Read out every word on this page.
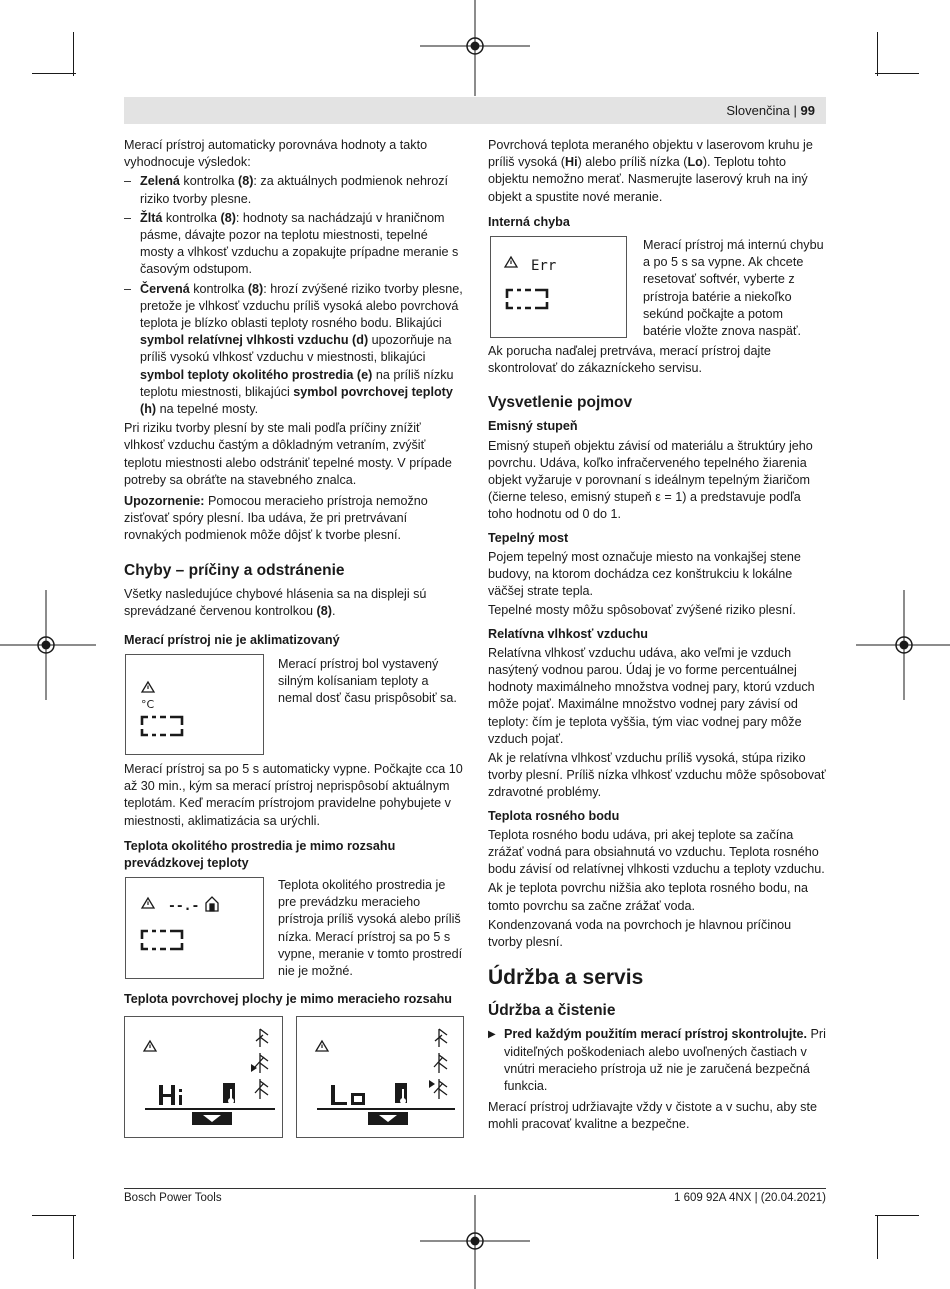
Slovenčina | 99

Merací prístroj automaticky porovnáva hodnoty a takto vyhodnocuje výsledok:

– Zelená kontrolka (8): za aktuálnych podmienok nehrozí riziko tvorby plesne.
– Žltá kontrolka (8): hodnoty sa nachádzajú v hraničnom pásme, dávajte pozor na teplotu miestnosti, tepelné mosty a vlhkosť vzduchu a zopakujte prípadne meranie s časovým odstupom.
– Červená kontrolka (8): hrozí zvýšené riziko tvorby plesne, pretože je vlhkosť vzduchu príliš vysoká alebo povrchová teplota je blízko oblasti teploty rosného bodu. Blikajúci symbol relatívnej vlhkosti vzduchu (d) upozorňuje na príliš vysokú vlhkosť vzduchu v miestnosti, blikajúci symbol teploty okolitého prostredia (e) na príliš nízku teplotu miestnosti, blikajúci symbol povrchovej teploty (h) na tepelné mosty.

Pri riziku tvorby plesní by ste mali podľa príčiny znížiť vlhkosť vzduchu častým a dôkladným vetraním, zvýšiť teplotu miestnosti alebo odstrániť tepelné mosty. V prípade potreby sa obráťte na stavebného znalca.

Upozornenie: Pomocou meracieho prístroja nemožno zisťovať spóry plesní. Iba udáva, že pri pretrvávaní rovnakých podmienok môže dôjsť k tvorbe plesní.

Chyby – príčiny a odstránenie

Všetky nasledujúce chybové hlásenia sa na displeji sú sprevádzané červenou kontrolkou (8).

Merací prístroj nie je aklimatizovaný
°C

Merací prístroj bol vystavený silným kolísaniam teploty a nemal dosť času prispôsobiť sa.

Merací prístroj sa po 5 s automaticky vypne. Počkajte cca 10 až 30 min., kým sa merací prístroj neprispôsobí aktuálnym teplotám. Keď meracím prístrojom pravidelne pohybujete v miestnosti, aklimatizácia sa urýchli.

Teplota okolitého prostredia je mimo rozsahu prevádzkovej teploty
--.-

Teplota okolitého prostredia je pre prevádzku meracieho prístroja príliš vysoká alebo príliš nízka. Merací prístroj sa po 5 s vypne, meranie v tomto prostredí nie je možné.

Teplota povrchovej plochy je mimo meracieho rozsahu
Hi	Lo

Povrchová teplota meraného objektu v laserovom kruhu je príliš vysoká (Hi) alebo príliš nízka (Lo). Teplotu tohto objektu nemožno merať. Nasmerujte laserový kruh na iný objekt a spustite nové meranie.

Interná chyba
Err

Merací prístroj má internú chybu a po 5 s sa vypne. Ak chcete resetovať softvér, vyberte z prístroja batérie a niekoľko sekúnd počkajte a potom batérie vložte znova naspäť.

Ak porucha naďalej pretrváva, merací prístroj dajte skontrolovať do zákazníckeho servisu.

Vysvetlenie pojmov
Emisný stupeň

Emisný stupeň objektu závisí od materiálu a štruktúry jeho povrchu. Udáva, koľko infračerveného tepelného žiarenia objekt vyžaruje v porovnaní s ideálnym tepelným žiaričom (čierne teleso, emisný stupeň ε = 1) a predstavuje podľa toho hodnotu od 0 do 1.

Tepelný most

Pojem tepelný most označuje miesto na vonkajšej stene budovy, na ktorom dochádza cez konštrukciu k lokálne väčšej strate tepla.

Tepelné mosty môžu spôsobovať zvýšené riziko plesní.

Relatívna vlhkosť vzduchu

Relatívna vlhkosť vzduchu udáva, ako veľmi je vzduch nasýtený vodnou parou. Údaj je vo forme percentuálnej hodnoty maximálneho množstva vodnej pary, ktorú vzduch môže pojať. Maximálne množstvo vodnej pary závisí od teploty: čím je teplota vyššia, tým viac vodnej pary môže vzduch pojať.

Ak je relatívna vlhkosť vzduchu príliš vysoká, stúpa riziko tvorby plesní. Príliš nízka vlhkosť vzduchu môže spôsobovať zdravotné problémy.

Teplota rosného bodu

Teplota rosného bodu udáva, pri akej teplote sa začína zrážať vodná para obsiahnutá vo vzduchu. Teplota rosného bodu závisí od relatívnej vlhkosti vzduchu a teploty vzduchu.

Ak je teplota povrchu nižšia ako teplota rosného bodu, na tomto povrchu sa začne zrážať voda.

Kondenzovaná voda na povrchoch je hlavnou príčinou tvorby plesní.

Údržba a servis
Údržba a čistenie
▶ Pred každým použitím merací prístroj skontrolujte. Pri viditeľných poškodeniach alebo uvoľnených častiach v vnútri meracieho prístroja už nie je zaručená bezpečná funkcia.

Merací prístroj udržiavajte vždy v čistote a v suchu, aby ste mohli pracovať kvalitne a bezpečne.

Bosch Power Tools	1 609 92A 4NX | (20.04.2021)
